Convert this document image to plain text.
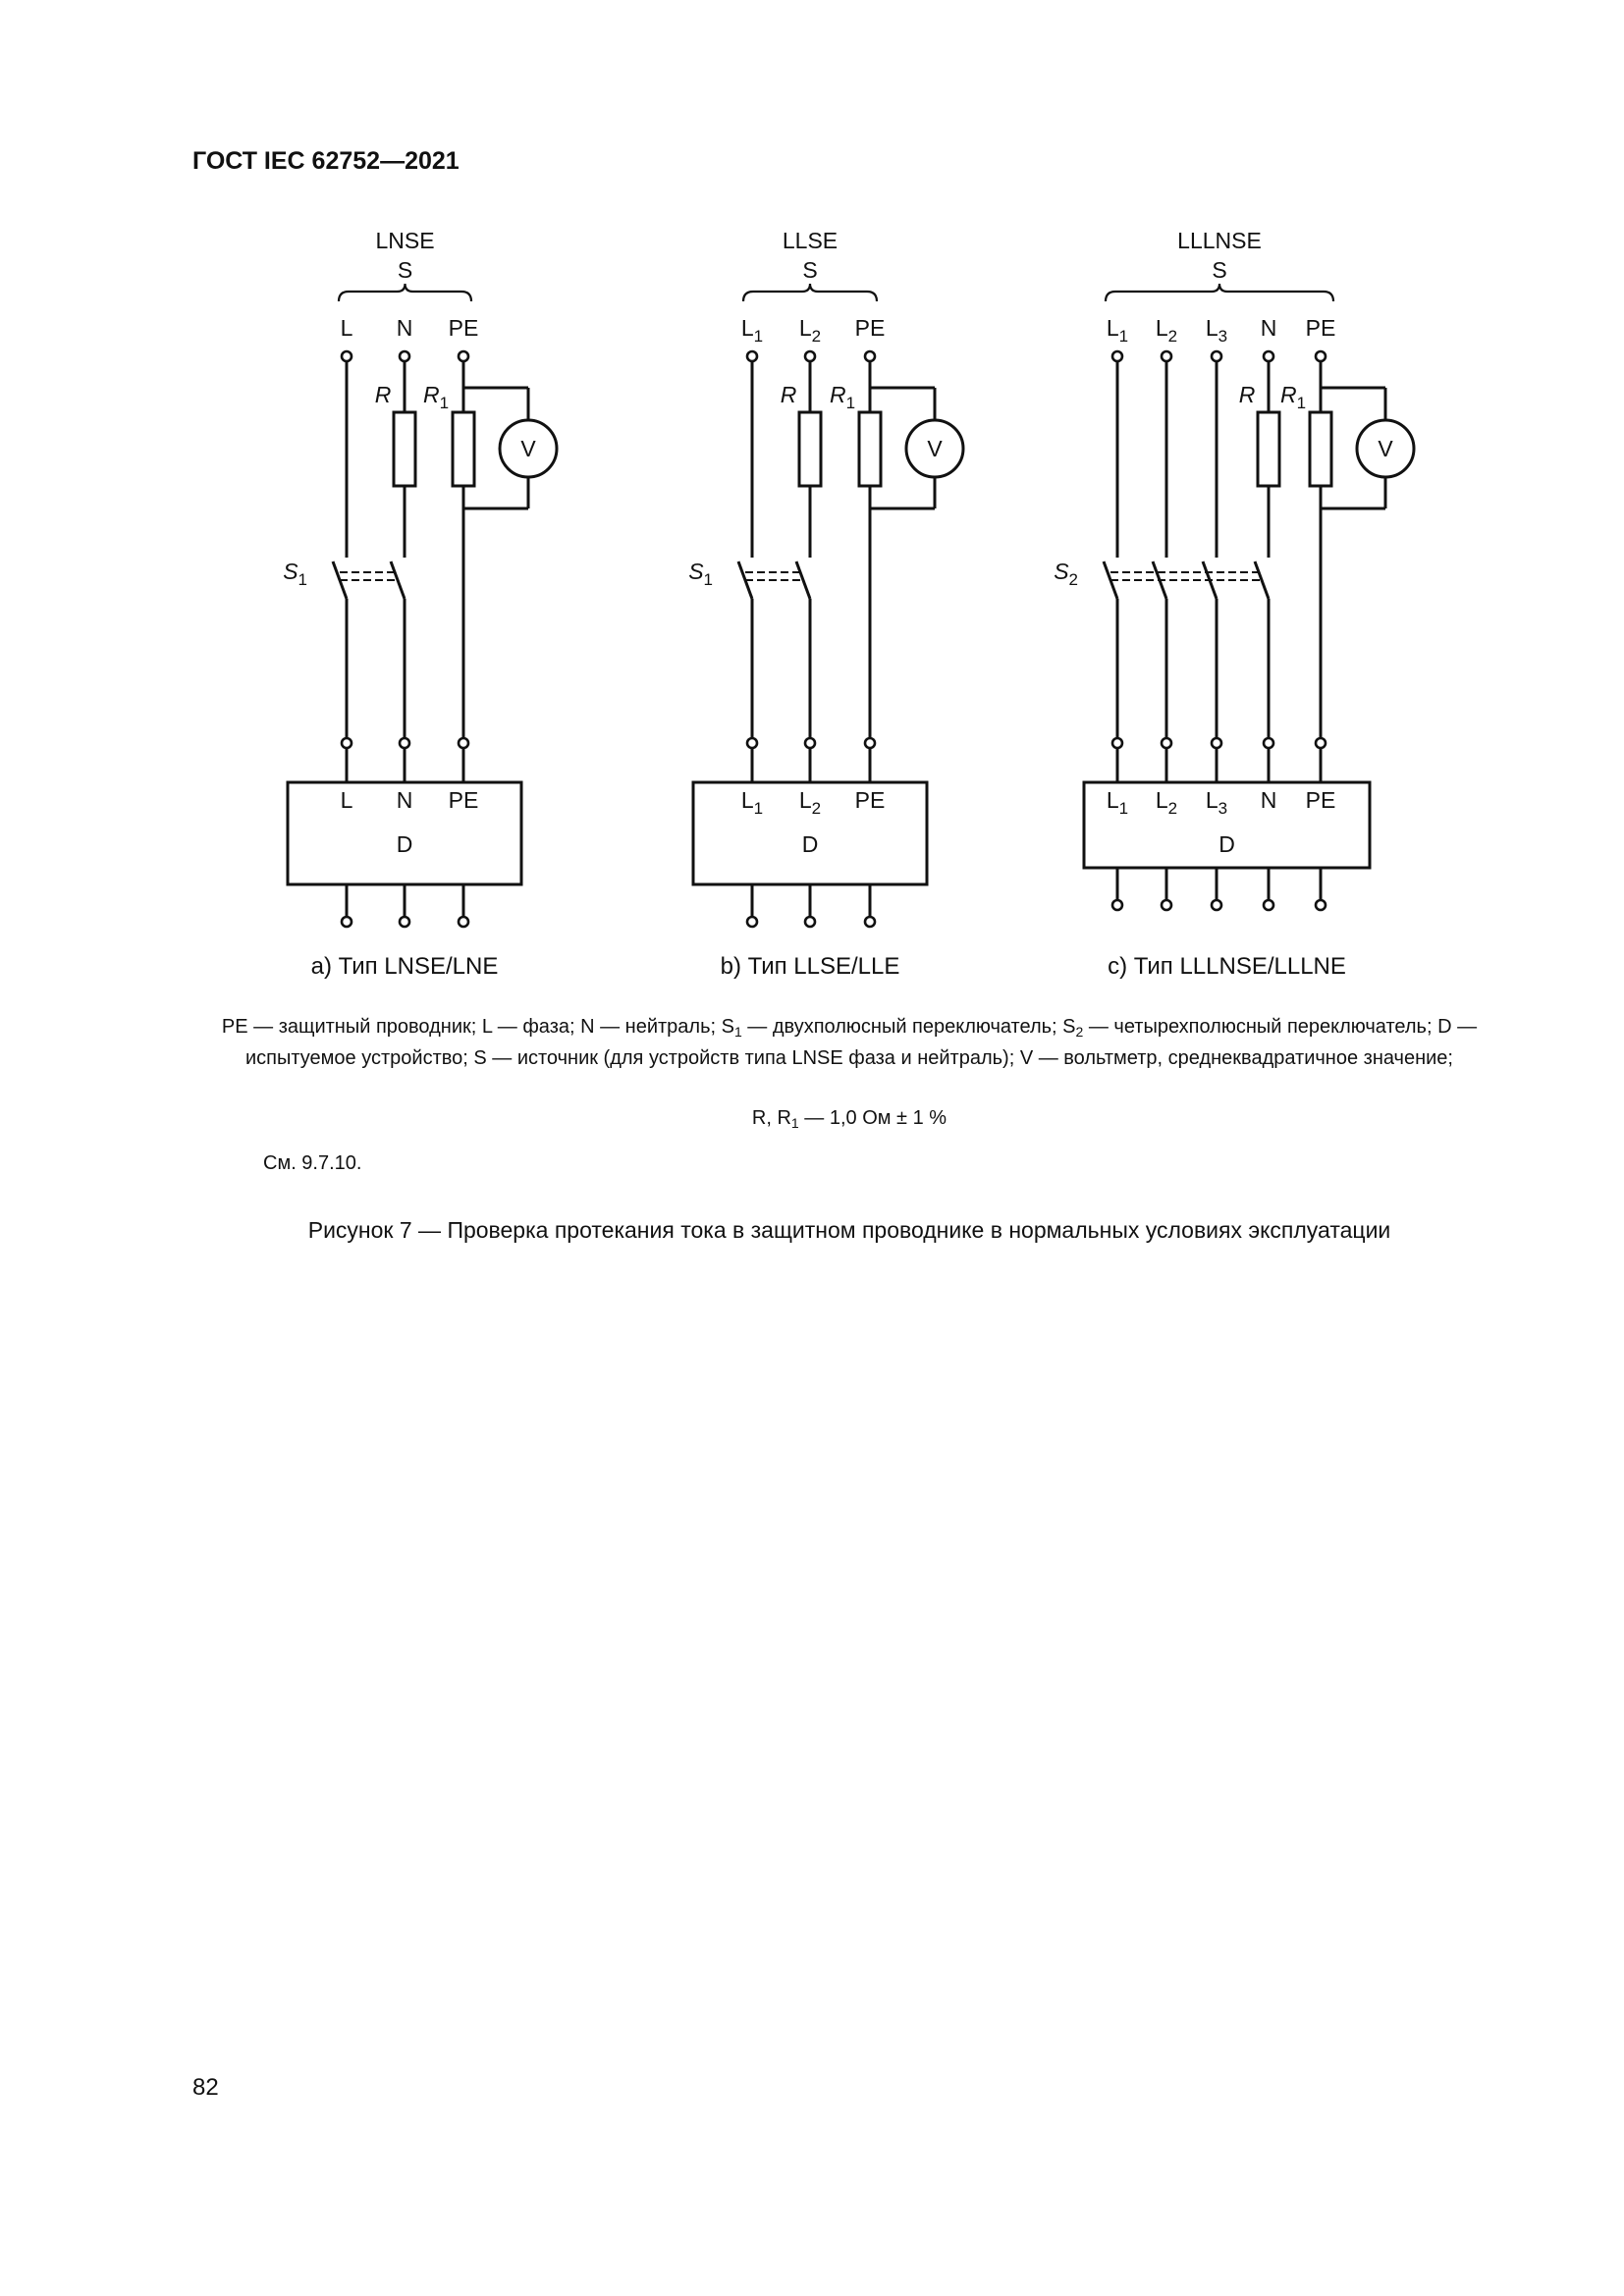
ГОСТ IEC 62752—2021
LNSE
S
L N PE
$S_1$
R $R_1$
V
L N PE
D
a) Тип LNSE/LNE
LLSE
S
$L_1$ $L_2$ PE
$S_1$
R $R_1$
V
$L_1$ $L_2$ PE
D
b) Тип LLSE/LLE
LLLNSE
S
$L_1$ $L_2$ $L_3$ N PE
$S_2$
R $R_1$
V
$L_1$ $L_2$ $L_3$ N PE
D
c) Тип LLLNSE/LLLNE
PE — защитный проводник; L — фаза; N — нейтраль; $S_1$ — двухполюсный переключатель; $S_2$ — четырехполюсный переключатель; D — испытуемое устройство; S — источник (для устройств типа LNSE фаза и нейтраль); V — вольтметр, среднеквадратичное значение;
R, $R_1$ — 1,0 Ом ± 1 %
См. 9.7.10.
Рисунок 7 — Проверка протекания тока в защитном проводнике в нормальных условиях эксплуатации
82
